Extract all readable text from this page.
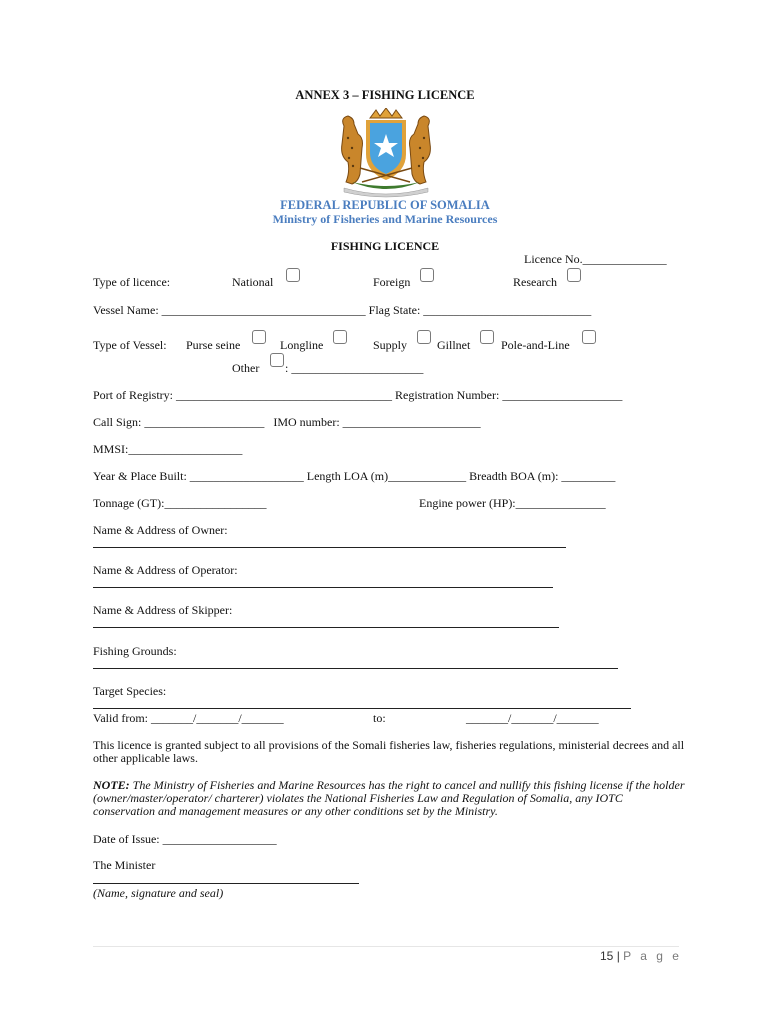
ANNEX 3 – FISHING LICENCE
FEDERAL REPUBLIC OF SOMALIA
Ministry of Fisheries and Marine Resources
FISHING LICENCE
Licence No.______________
Type of licence:	National	Foreign	Research
Vessel Name: __________________________________ Flag State: ____________________________
Type of Vessel: Purse seine	Longline	Supply Gillnet	Pole-and-Line
Other : ______________________
Port of Registry: ____________________________________ Registration Number: ____________________
Call Sign: ____________________   IMO number: _______________________
MMSI:___________________
Year & Place Built: ___________________ Length LOA (m)_____________ Breadth BOA (m): _________
Tonnage (GT):_________________	Engine power (HP):_______________
Name & Address of Owner:
Name & Address of Operator:
Name & Address of Skipper:
Fishing Grounds:
Target Species:
Valid from: _______/_______/_______	to:	_______/_______/_______
This licence is granted subject to all provisions of the Somali fisheries law, fisheries regulations, ministerial decrees and all other applicable laws.
NOTE: The Ministry of Fisheries and Marine Resources has the right to cancel and nullify this fishing license if the holder (owner/master/operator/ charterer) violates the National Fisheries Law and Regulation of Somalia, any IOTC conservation and management measures or any other conditions set by the Ministry.
Date of Issue: ___________________
The Minister
(Name, signature and seal)
15 | P a g e
